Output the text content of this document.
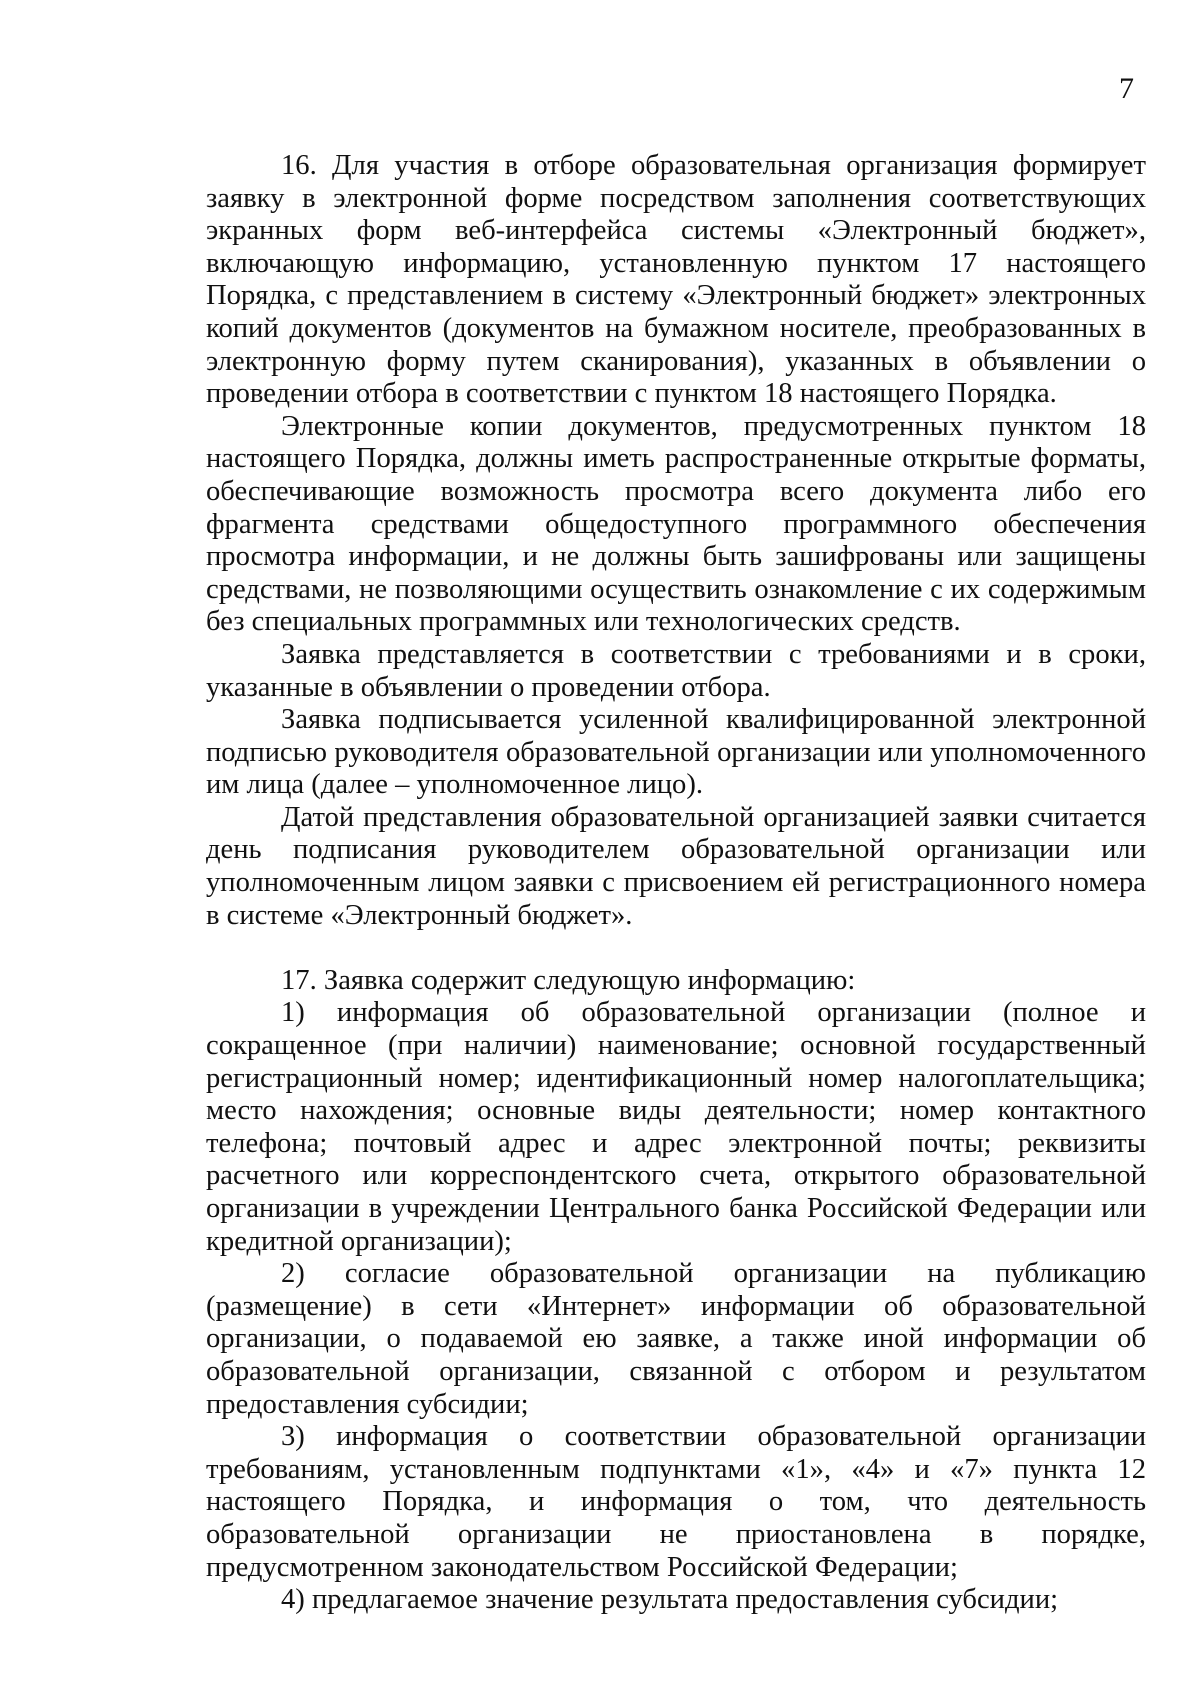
7

16. Для участия в отборе образовательная организация формирует заявку в электронной форме посредством заполнения соответствующих экранных форм веб-интерфейса системы «Электронный бюджет», включающую информацию, установленную пунктом 17 настоящего Порядка, с представлением в систему «Электронный бюджет» электронных копий документов (документов на бумажном носителе, преобразованных в электронную форму путем сканирования), указанных в объявлении о проведении отбора в соответствии с пунктом 18 настоящего Порядка.

Электронные копии документов, предусмотренных пунктом 18 настоящего Порядка, должны иметь распространенные открытые форматы, обеспечивающие возможность просмотра всего документа либо его фрагмента средствами общедоступного программного обеспечения просмотра информации, и не должны быть зашифрованы или защищены средствами, не позволяющими осуществить ознакомление с их содержимым без специальных программных или технологических средств.

Заявка представляется в соответствии с требованиями и в сроки, указанные в объявлении о проведении отбора.

Заявка подписывается усиленной квалифицированной электронной подписью руководителя образовательной организации или уполномоченного им лица (далее – уполномоченное лицо).

Датой представления образовательной организацией заявки считается день подписания руководителем образовательной организации или уполномоченным лицом заявки с присвоением ей регистрационного номера в системе «Электронный бюджет».

17. Заявка содержит следующую информацию:

1) информация об образовательной организации (полное и сокращенное (при наличии) наименование; основной государственный регистрационный номер; идентификационный номер налогоплательщика; место нахождения; основные виды деятельности; номер контактного телефона; почтовый адрес и адрес электронной почты; реквизиты расчетного или корреспондентского счета, открытого образовательной организации в учреждении Центрального банка Российской Федерации или кредитной организации);

2) согласие образовательной организации на публикацию (размещение) в сети «Интернет» информации об образовательной организации, о подаваемой ею заявке, а также иной информации об образовательной организации, связанной с отбором и результатом предоставления субсидии;

3) информация о соответствии образовательной организации требованиям, установленным подпунктами «1», «4» и «7» пункта 12 настоящего Порядка, и информация о том, что деятельность образовательной организации не приостановлена в порядке, предусмотренном законодательством Российской Федерации;

4) предлагаемое значение результата предоставления субсидии;
